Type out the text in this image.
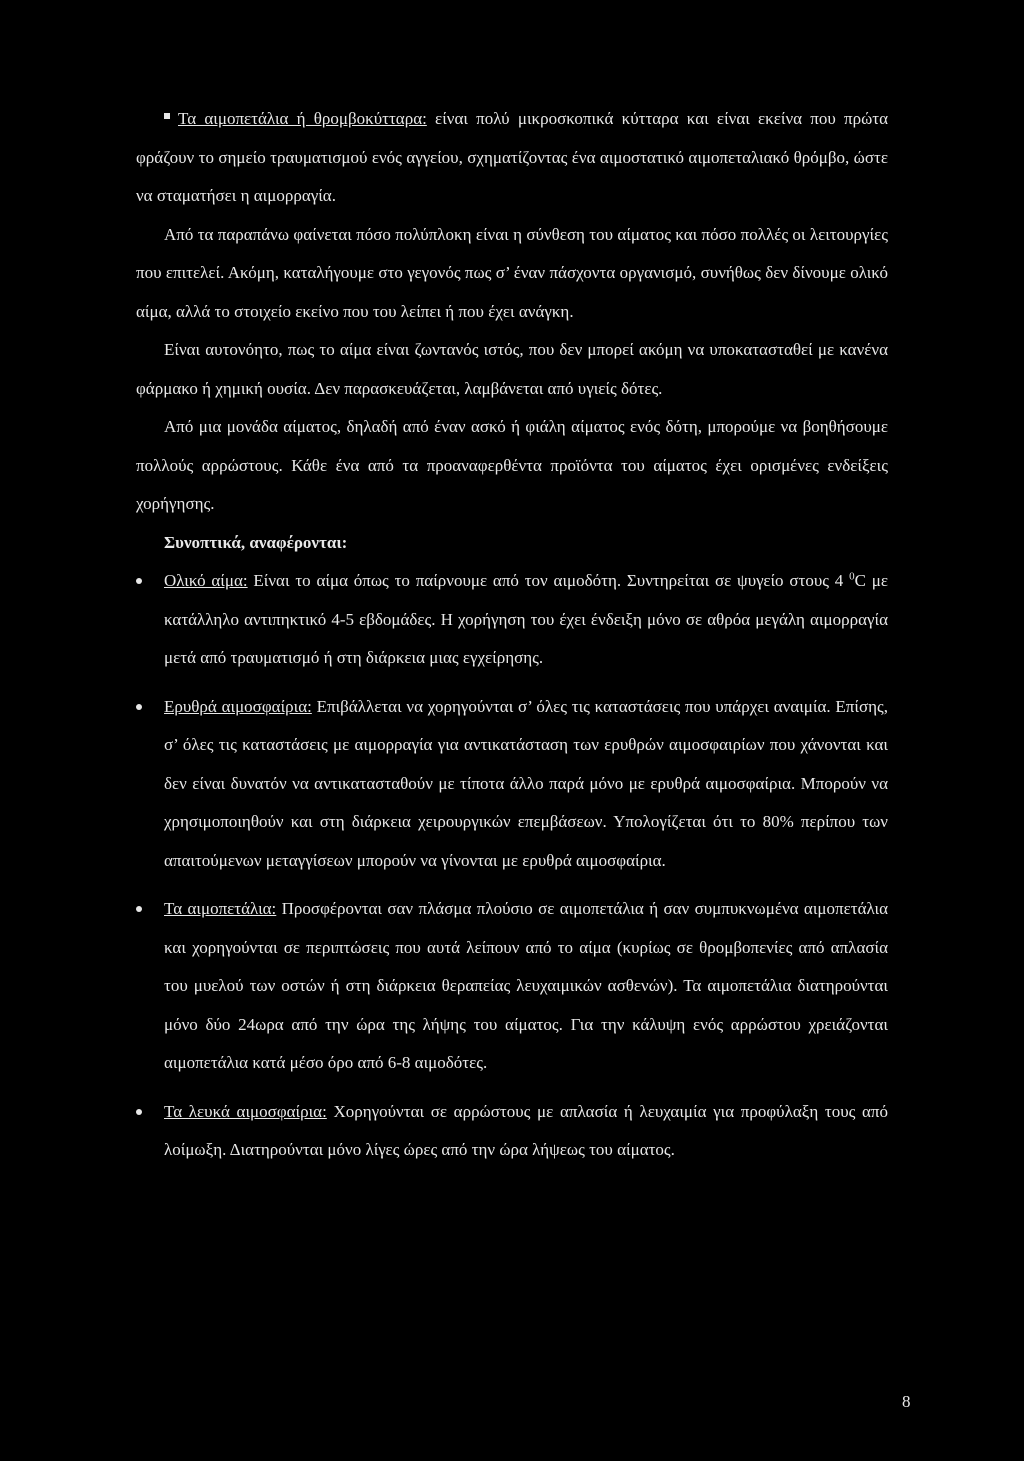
Τα αιμοπετάλια ή θρομβοκύτταρα: είναι πολύ μικροσκοπικά κύτταρα και είναι εκείνα που πρώτα φράζουν το σημείο τραυματισμού ενός αγγείου, σχηματίζοντας ένα αιμοστατικό αιμοπεταλιακό θρόμβο, ώστε να σταματήσει η αιμορραγία.

Από τα παραπάνω φαίνεται πόσο πολύπλοκη είναι η σύνθεση του αίματος και πόσο πολλές οι λειτουργίες που επιτελεί. Ακόμη, καταλήγουμε στο γεγονός πως σ’ έναν πάσχοντα οργανισμό, συνήθως δεν δίνουμε ολικό αίμα, αλλά το στοιχείο εκείνο που του λείπει ή που έχει ανάγκη.

Είναι αυτονόητο, πως το αίμα είναι ζωντανός ιστός, που δεν μπορεί ακόμη να υποκατασταθεί με κανένα φάρμακο ή χημική ουσία. Δεν παρασκευάζεται, λαμβάνεται από υγιείς δότες.

Από μια μονάδα αίματος, δηλαδή από έναν ασκό ή φιάλη αίματος ενός δότη, μπορούμε να βοηθήσουμε πολλούς αρρώστους. Κάθε ένα από τα προαναφερθέντα προϊόντα του αίματος έχει ορισμένες ενδείξεις χορήγησης.

Συνοπτικά, αναφέρονται:

Ολικό αίμα: Είναι το αίμα όπως το παίρνουμε από τον αιμοδότη. Συντηρείται σε ψυγείο στους 4 $^0$C με κατάλληλο αντιπηκτικό 4-5 εβδομάδες. Η χορήγηση του έχει ένδειξη μόνο σε αθρόα μεγάλη αιμορραγία μετά από τραυματισμό ή στη διάρκεια μιας εγχείρησης.
Ερυθρά αιμοσφαίρια: Επιβάλλεται να χορηγούνται σ’ όλες τις καταστάσεις που υπάρχει αναιμία. Επίσης, σ’ όλες τις καταστάσεις με αιμορραγία για αντικατάσταση των ερυθρών αιμοσφαιρίων που χάνονται και δεν είναι δυνατόν να αντικατασταθούν με τίποτα άλλο παρά μόνο με ερυθρά αιμοσφαίρια. Μπορούν να χρησιμοποιηθούν και στη διάρκεια χειρουργικών επεμβάσεων. Υπολογίζεται ότι το 80% περίπου των απαιτούμενων μεταγγίσεων μπορούν να γίνονται με ερυθρά αιμοσφαίρια.
Τα αιμοπετάλια: Προσφέρονται σαν πλάσμα πλούσιο σε αιμοπετάλια ή σαν συμπυκνωμένα αιμοπετάλια και χορηγούνται σε περιπτώσεις που αυτά λείπουν από το αίμα (κυρίως σε θρομβοπενίες από απλασία του μυελού των οστών ή στη διάρκεια θεραπείας λευχαιμικών ασθενών). Τα αιμοπετάλια διατηρούνται μόνο δύο 24ωρα από την ώρα της λήψης του αίματος. Για την κάλυψη ενός αρρώστου χρειάζονται αιμοπετάλια κατά μέσο όρο από 6-8 αιμοδότες.
Τα λευκά αιμοσφαίρια: Χορηγούνται σε αρρώστους με απλασία ή λευχαιμία για προφύλαξη τους από λοίμωξη. Διατηρούνται μόνο λίγες ώρες από την ώρα λήψεως του αίματος.
8
